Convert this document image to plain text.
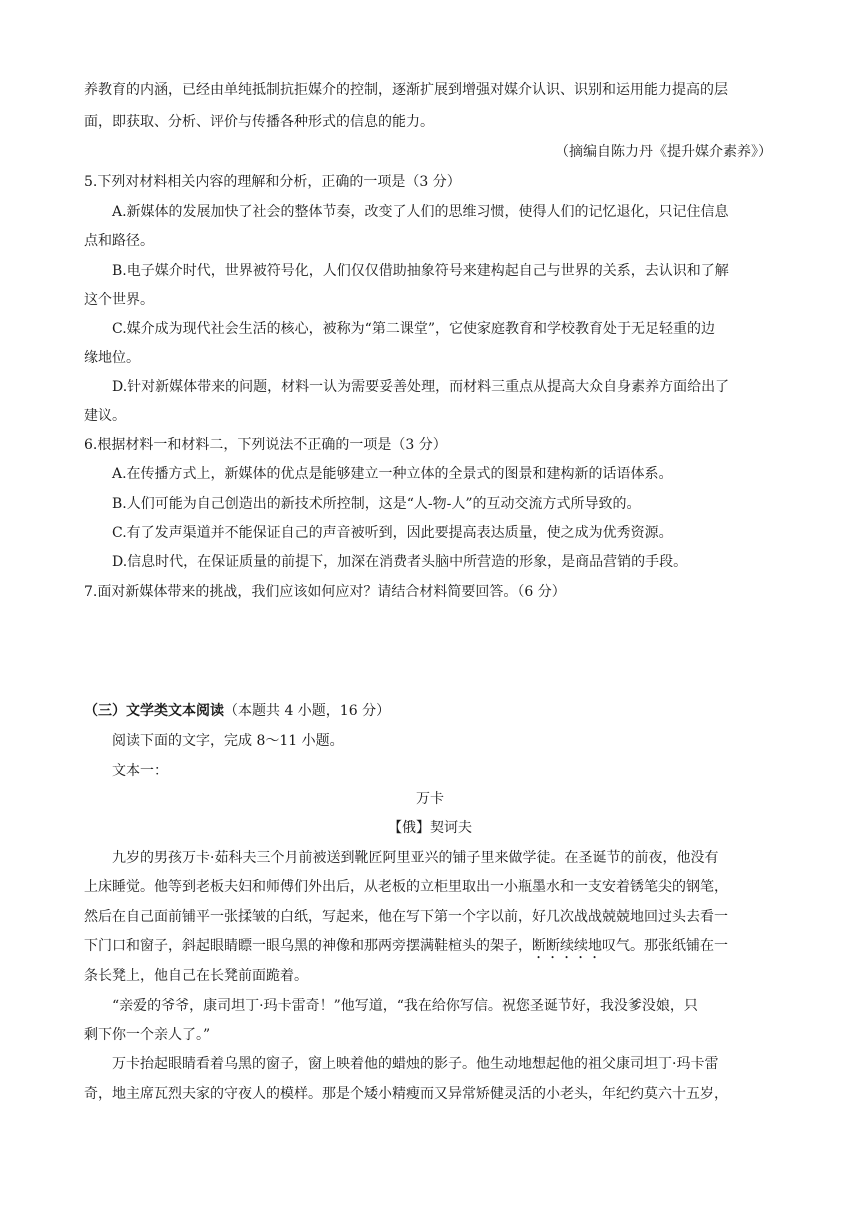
养教育的内涵，已经由单纯抵制抗拒媒介的控制，逐渐扩展到增强对媒介认识、识别和运用能力提高的层
面，即获取、分析、评价与传播各种形式的信息的能力。
（摘编自陈力丹《提升媒介素养》）
5.下列对材料相关内容的理解和分析，正确的一项是（3 分）
A.新媒体的发展加快了社会的整体节奏，改变了人们的思维习惯，使得人们的记忆退化，只记住信息
点和路径。
B.电子媒介时代，世界被符号化，人们仅仅借助抽象符号来建构起自己与世界的关系，去认识和了解
这个世界。
C.媒介成为现代社会生活的核心，被称为“第二课堂”，它使家庭教育和学校教育处于无足轻重的边
缘地位。
D.针对新媒体带来的问题，材料一认为需要妥善处理，而材料三重点从提高大众自身素养方面给出了
建议。
6.根据材料一和材料二，下列说法不正确的一项是（3 分）
A.在传播方式上，新媒体的优点是能够建立一种立体的全景式的图景和建构新的话语体系。
B.人们可能为自己创造出的新技术所控制，这是“人-物-人”的互动交流方式所导致的。
C.有了发声渠道并不能保证自己的声音被听到，因此要提高表达质量，使之成为优秀资源。
D.信息时代，在保证质量的前提下，加深在消费者头脑中所营造的形象，是商品营销的手段。
7.面对新媒体带来的挑战，我们应该如何应对？请结合材料简要回答。（6 分）
（三）文学类文本阅读（本题共 4 小题，16 分）
阅读下面的文字，完成 8～11 小题。
文本一：
万卡
【俄】契诃夫
九岁的男孩万卡·茹科夫三个月前被送到靴匠阿里亚兴的铺子里来做学徒。在圣诞节的前夜，他没有
上床睡觉。他等到老板夫妇和师傅们外出后，从老板的立柜里取出一小瓶墨水和一支安着锈笔尖的钢笔，
然后在自己面前铺平一张揉皱的白纸，写起来，他在写下第一个字以前，好几次战战兢兢地回过头去看一
下门口和窗子，斜起眼睛瞟一眼乌黑的神像和那两旁摆满鞋楦头的架子，断断续续地叹气。那张纸铺在一
条长凳上，他自己在长凳前面跪着。
“亲爱的爷爷，康司坦丁·玛卡雷奇！”他写道，“我在给你写信。祝您圣诞节好，我没爹没娘，只
剩下你一个亲人了。”
万卡抬起眼睛看着乌黑的窗子，窗上映着他的蜡烛的影子。他生动地想起他的祖父康司坦丁·玛卡雷
奇，地主席瓦烈夫家的守夜人的模样。那是个矮小精瘦而又异常矫健灵活的小老头，年纪约莫六十五岁，
